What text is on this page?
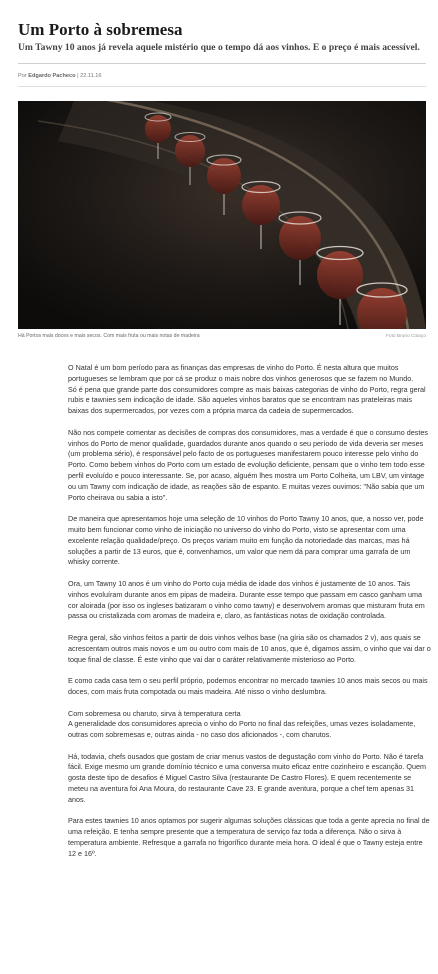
Um Porto à sobremesa

Um Tawny 10 anos já revela aquele mistério que o tempo dá aos vinhos. E o preço é mais acessível.

Por Edgardo Pacheco | 22.11.16
Há Portos mais doces e mais secos. Com mais fruta ou mais notas de madeira	Foto Bruno Colaço

O Natal é um bom período para as finanças das empresas de vinho do Porto. É nesta altura que muitos portugueses se lembram que por cá se produz o mais nobre dos vinhos generosos que se fazem no Mundo.

Só é pena que grande parte dos consumidores compre as mais baixas categorias de vinho do Porto, regra geral rubis e tawnies sem indicação de idade. São aqueles vinhos baratos que se encontram nas prateleiras mais baixas dos supermercados, por vezes com a própria marca da cadeia de supermercados.

Não nos compete comentar as decisões de compras dos consumidores, mas a verdade é que o consumo destes vinhos do Porto de menor qualidade, guardados durante anos quando o seu período de vida deveria ser meses (um problema sério), é responsável pelo facto de os portugueses manifestarem pouco interesse pelo vinho do Porto. Como bebem vinhos do Porto com um estado de evolução deficiente, pensam que o vinho tem todo esse perfil evoluído e pouco interessante. Se, por acaso, alguém lhes mostra um Porto Colheita, um LBV, um vintage ou um Tawny com indicação de idade, as reações são de espanto. E muitas vezes ouvimos: "Não sabia que um Porto cheirava ou sabia a isto".

De maneira que apresentamos hoje uma seleção de 10 vinhos do Porto Tawny 10 anos, que, a nosso ver, pode muito bem funcionar como vinho de iniciação no universo do vinho do Porto, visto se apresentar com uma excelente relação qualidade/preço. Os preços variam muito em função da notoriedade das marcas, mas há soluções a partir de 13 euros, que é, convenhamos, um valor que nem dá para comprar uma garrafa de um whisky corrente.

Ora, um Tawny 10 anos é um vinho do Porto cuja média de idade dos vinhos é justamente de 10 anos. Tais vinhos evoluíram durante anos em pipas de madeira. Durante esse tempo que passam em casco ganham uma cor aloirada (por isso os ingleses batizaram o vinho como tawny) e desenvolvem aromas que misturam fruta em passa ou cristalizada com aromas de madeira e, claro, as fantásticas notas de oxidação controlada.

Regra geral, são vinhos feitos a partir de dois vinhos velhos base (na gíria são os chamados 2 v), aos quais se acrescentam outros mais novos e um ou outro com mais de 10 anos, que é, digamos assim, o vinho que vai dar o toque final de classe. É este vinho que vai dar o caráter relativamente misterioso ao Porto.

E como cada casa tem o seu perfil próprio, podemos encontrar no mercado tawnies 10 anos mais secos ou mais doces, com mais fruta compotada ou mais madeira. Até nisso o vinho deslumbra.

Com sobremesa ou charuto, sirva à temperatura certa

A generalidade dos consumidores aprecia o vinho do Porto no final das refeições, umas vezes isoladamente, outras com sobremesas e, outras ainda - no caso dos aficionados -, com charutos.

Há, todavia, chefs ousados que gostam de criar menus vastos de degustação com vinho do Porto. Não é tarefa fácil. Exige mesmo um grande domínio técnico e uma conversa muito eficaz entre cozinheiro e escanção. Quem gosta deste tipo de desafios é Miguel Castro Silva (restaurante De Castro Flores). E quem recentemente se meteu na aventura foi Ana Moura, do restaurante Cave 23. E grande aventura, porque a chef tem apenas 31 anos.

Para estes tawnies 10 anos optamos por sugerir algumas soluções clássicas que toda a gente aprecia no final de uma refeição. E tenha sempre presente que a temperatura de serviço faz toda a diferença. Não o sirva à temperatura ambiente. Refresque a garrafa no frigorífico durante meia hora. O ideal é que o Tawny esteja entre 12 e 16º.
